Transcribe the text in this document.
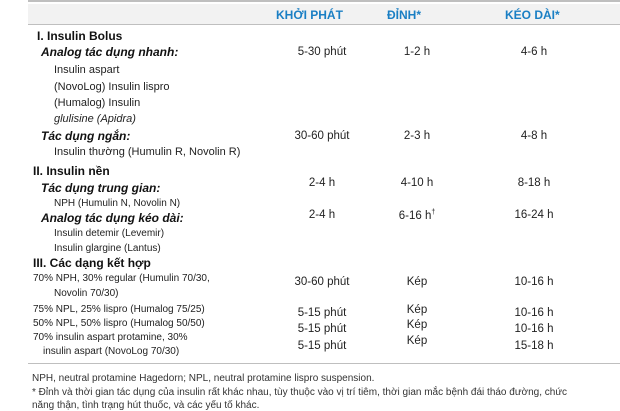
KHỞI PHÁT	ĐỈNH*	KÉO DÀI*
I. Insulin Bolus
Analog tác dụng nhanh:
Insulin aspart
(NovoLog) Insulin lispro
(Humalog) Insulin
glulisine (Apidra)
5-30 phút	1-2 h	4-6 h
Tác dụng ngắn:
Insulin thường (Humulin R, Novolin R)
30-60 phút	2-3 h	4-8 h
II. Insulin nền
Tác dụng trung gian:
NPH (Humulin N, Novolin N)
2-4 h	4-10 h	8-18 h
Analog tác dụng kéo dài:
Insulin detemir (Levemir)
Insulin glargine (Lantus)
2-4 h	6-16 h†	16-24 h
III. Các dạng kết hợp
70% NPH, 30% regular (Humulin 70/30,
Novolin 70/30)
30-60 phút	Kép	10-16 h
75% NPL, 25% lispro (Humalog 75/25)	5-15 phút	Kép	10-16 h
50% NPL, 50% lispro (Humalog 50/50)	5-15 phút	Kép	10-16 h
70% insulin aspart protamine, 30%
insulin aspart (NovoLog 70/30)	5-15 phút	Kép	15-18 h
NPH, neutral protamine Hagedorn; NPL, neutral protamine lispro suspension.
* Đỉnh và thời gian tác dụng của insulin rất khác nhau, tùy thuộc vào vị trí tiêm, thời gian mắc bệnh đái tháo đường, chức
năng thận, tình trạng hút thuốc, và các yếu tố khác.
